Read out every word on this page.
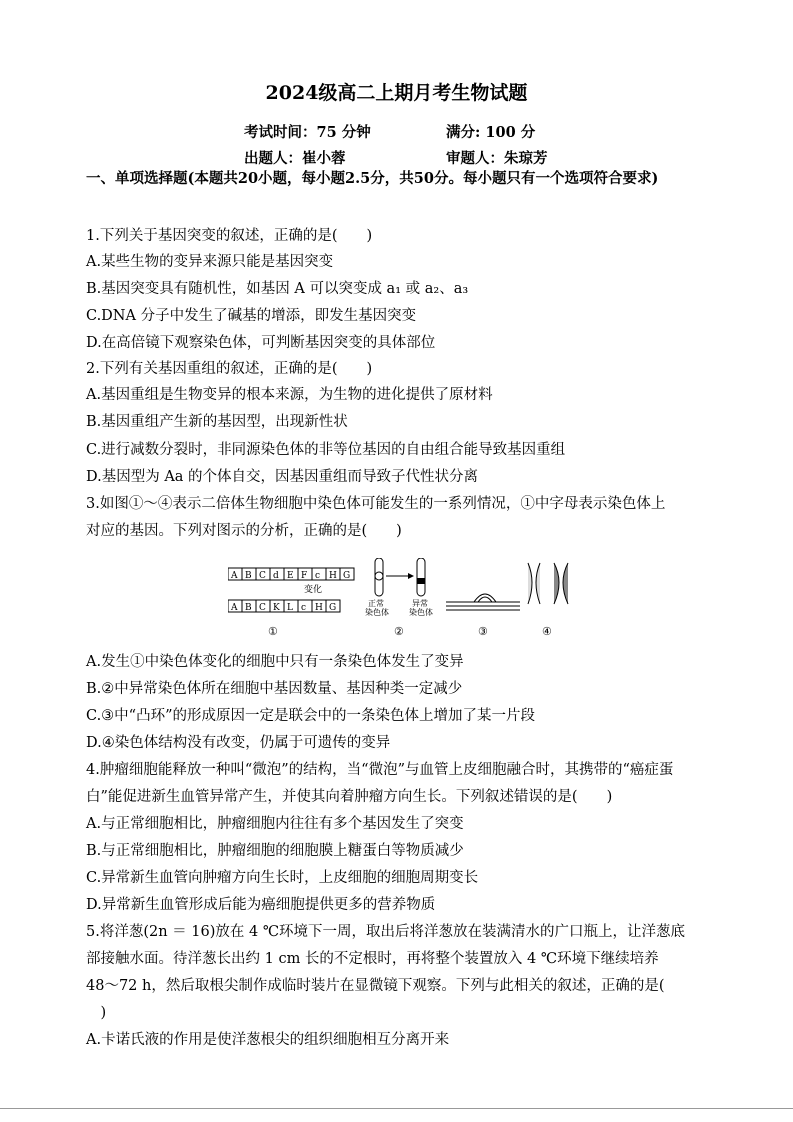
2024级高二上期月考生物试题
考试时间：75 分钟	满分: 100 分
出题人：崔小蓉	审题人：朱琼芳
一、单项选择题(本题共20小题，每小题2.5分，共50分。每小题只有一个选项符合要求)
1.下列关于基因突变的叙述，正确的是(　　)
A.某些生物的变异来源只能是基因突变
B.基因突变具有随机性，如基因 A 可以突变成 a₁ 或 a₂、a₃
C.DNA 分子中发生了碱基的增添，即发生基因突变
D.在高倍镜下观察染色体，可判断基因突变的具体部位
2.下列有关基因重组的叙述，正确的是(　　)
A.基因重组是生物变异的根本来源，为生物的进化提供了原材料
B.基因重组产生新的基因型，出现新性状
C.进行减数分裂时，非同源染色体的非等位基因的自由组合能导致基因重组
D.基因型为 Aa 的个体自交，因基因重组而导致子代性状分离
3.如图①～④表示二倍体生物细胞中染色体可能发生的一系列情况，①中字母表示染色体上
对应的基因。下列对图示的分析，正确的是(　　)
A B C d E F c H G
A B C K L c H G
变化
正常
染色体
异常
染色体
①	②	③	④
A.发生①中染色体变化的细胞中只有一条染色体发生了变异
B.②中异常染色体所在细胞中基因数量、基因种类一定减少
C.③中“凸环”的形成原因一定是联会中的一条染色体上增加了某一片段
D.④染色体结构没有改变，仍属于可遗传的变异
4.肿瘤细胞能释放一种叫“微泡”的结构，当“微泡”与血管上皮细胞融合时，其携带的“癌症蛋
白”能促进新生血管异常产生，并使其向着肿瘤方向生长。下列叙述错误的是(　　)
A.与正常细胞相比，肿瘤细胞内往往有多个基因发生了突变
B.与正常细胞相比，肿瘤细胞的细胞膜上糖蛋白等物质减少
C.异常新生血管向肿瘤方向生长时，上皮细胞的细胞周期变长
D.异常新生血管形成后能为癌细胞提供更多的营养物质
5.将洋葱(2n ＝ 16)放在 4 ℃环境下一周，取出后将洋葱放在装满清水的广口瓶上，让洋葱底
部接触水面。待洋葱长出约 1 cm 长的不定根时，再将整个装置放入 4 ℃环境下继续培养
48～72 h，然后取根尖制作成临时装片在显微镜下观察。下列与此相关的叙述，正确的是(
　)
A.卡诺氏液的作用是使洋葱根尖的组织细胞相互分离开来
